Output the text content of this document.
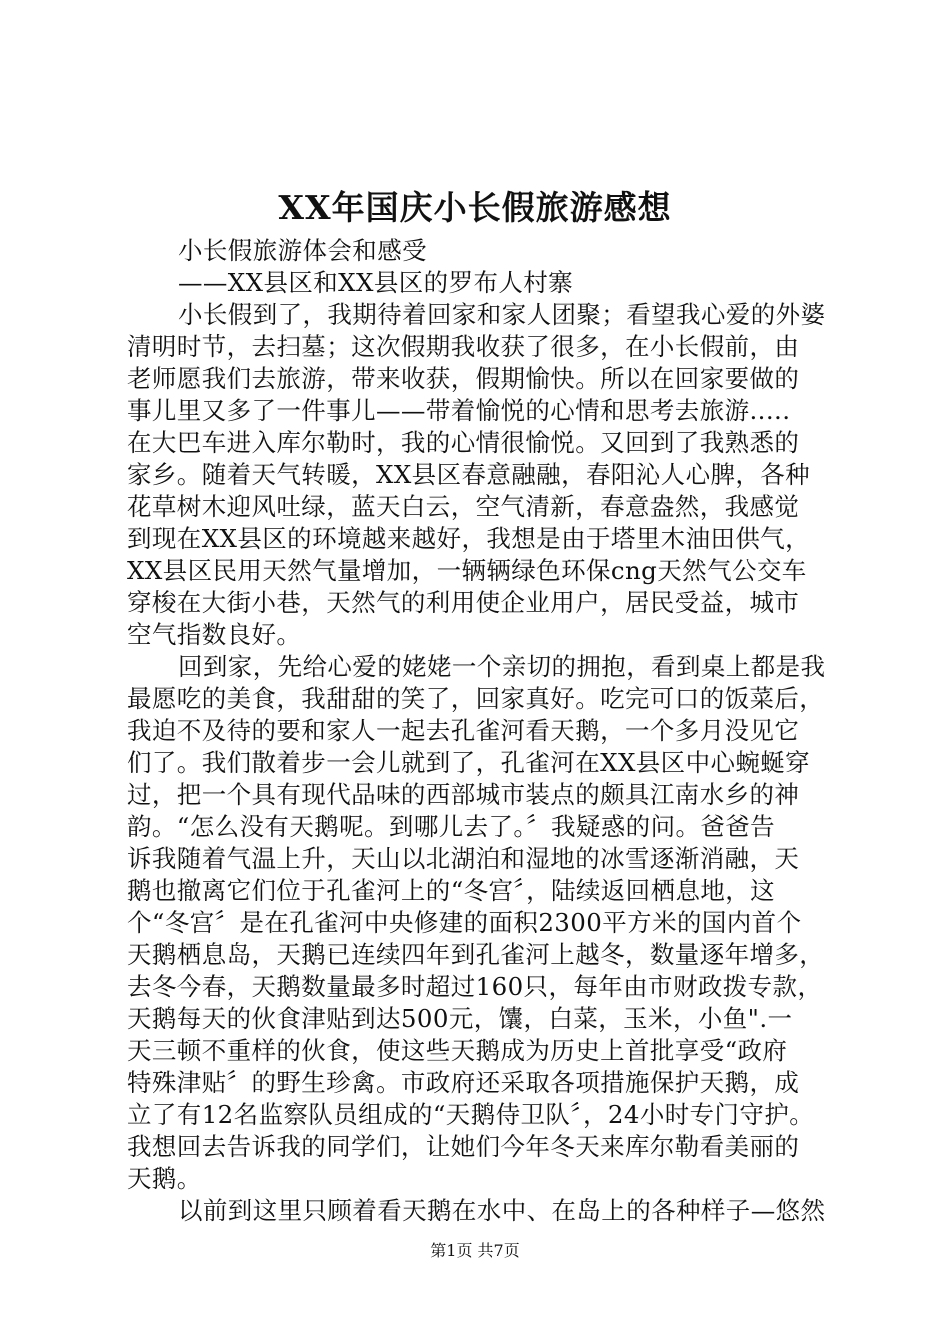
XX年国庆小长假旅游感想
小长假旅游体会和感受
——XX县区和XX县区的罗布人村寨
小长假到了，我期待着回家和家人团聚；看望我心爱的外婆
清明时节，去扫墓；这次假期我收获了很多，在小长假前，由
老师愿我们去旅游，带来收获，假期愉快。所以在回家要做的
事儿里又多了一件事儿——带着愉悦的心情和思考去旅游.....
在大巴车进入库尔勒时，我的心情很愉悦。又回到了我熟悉的
家乡。随着天气转暖，XX县区春意融融，春阳沁人心脾，各种
花草树木迎风吐绿，蓝天白云，空气清新，春意盎然，我感觉
到现在XX县区的环境越来越好，我想是由于塔里木油田供气，
XX县区民用天然气量增加，一辆辆绿色环保cng天然气公交车
穿梭在大街小巷，天然气的利用使企业用户，居民受益，城市
空气指数良好。
回到家，先给心爱的姥姥一个亲切的拥抱，看到桌上都是我
最愿吃的美食，我甜甜的笑了，回家真好。吃完可口的饭菜后，
我迫不及待的要和家人一起去孔雀河看天鹅，一个多月没见它
们了。我们散着步一会儿就到了，孔雀河在XX县区中心蜿蜒穿
过，把一个具有现代品味的西部城市装点的颇具江南水乡的神
韵。“怎么没有天鹅呢。到哪儿去了。〞我疑惑的问。爸爸告
诉我随着气温上升，天山以北湖泊和湿地的冰雪逐渐消融，天
鹅也撤离它们位于孔雀河上的“冬宫〞，陆续返回栖息地，这
个“冬宫〞是在孔雀河中央修建的面积2300平方米的国内首个
天鹅栖息岛，天鹅已连续四年到孔雀河上越冬，数量逐年增多，
去冬今春，天鹅数量最多时超过160只，每年由市财政拨专款，
天鹅每天的伙食津贴到达500元，馕，白菜，玉米，小鱼".一
天三顿不重样的伙食，使这些天鹅成为历史上首批享受“政府
特殊津贴〞的野生珍禽。市政府还采取各项措施保护天鹅，成
立了有12名监察队员组成的“天鹅侍卫队〞，24小时专门守护。
我想回去告诉我的同学们，让她们今年冬天来库尔勒看美丽的
天鹅。
以前到这里只顾着看天鹅在水中、在岛上的各种样子—悠然
第1页 共7页
